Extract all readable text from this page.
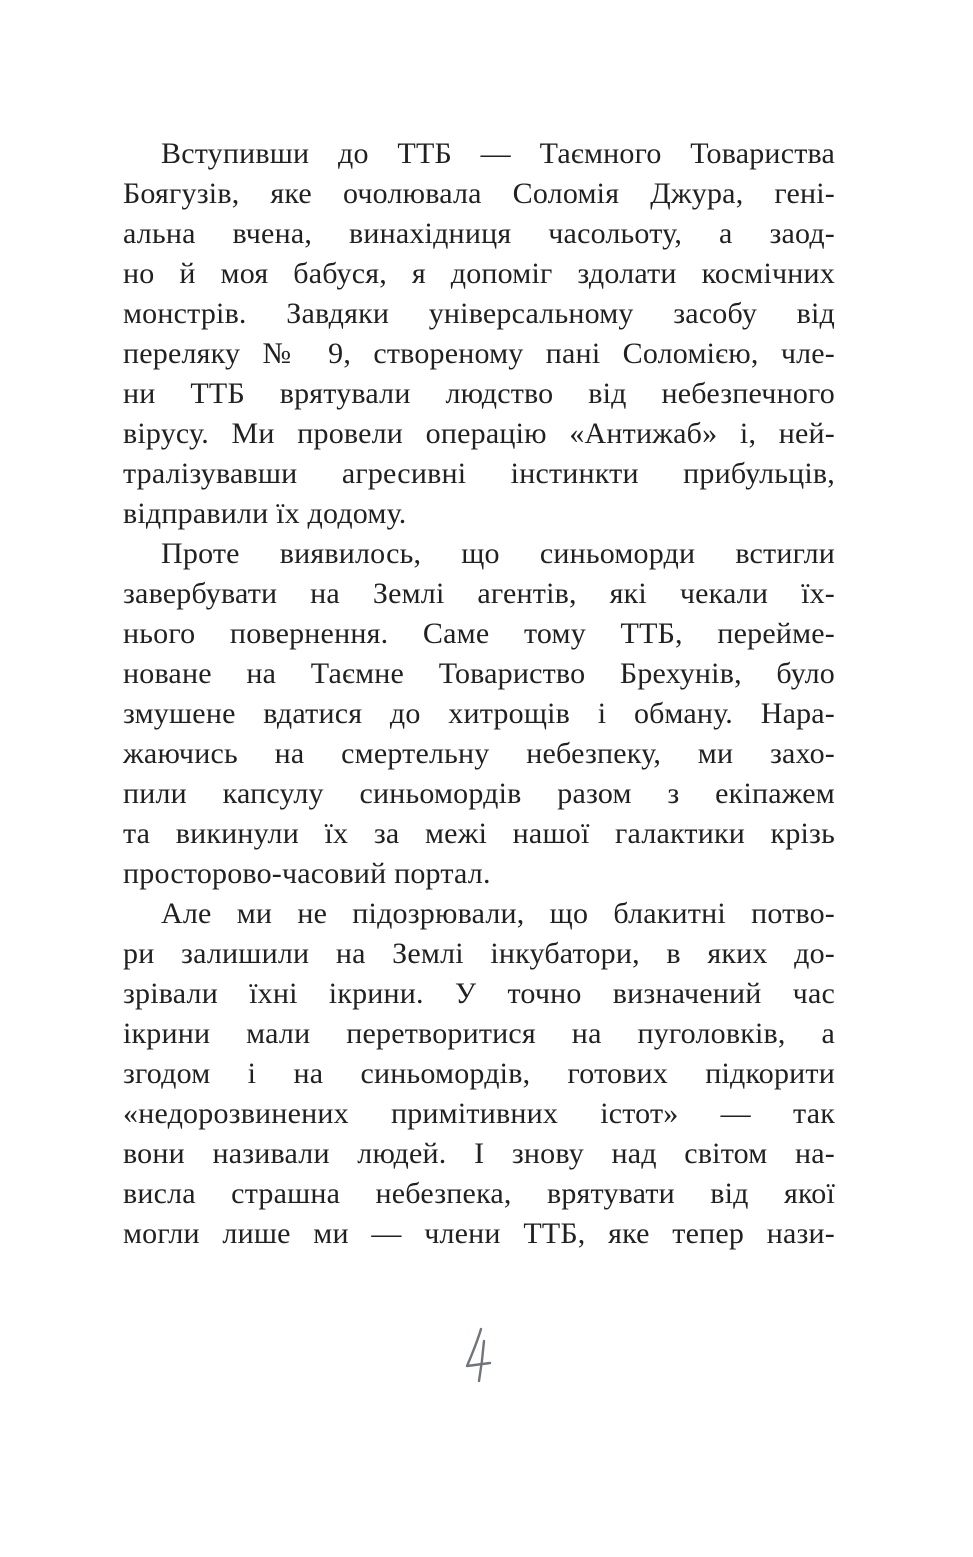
Вступивши до ТТБ — Таємного Товариства
Боягузів, яке очолювала Соломія Джура, гені-
альна вчена, винахідниця часольоту, а заод-
но й моя бабуся, я допоміг здолати космічних
монстрів. Завдяки універсальному засобу від
переляку № 9, створеному пані Соломією, чле-
ни ТТБ врятували людство від небезпечного
вірусу. Ми провели операцію «Антижаб» і, ней-
тралізувавши агресивні інстинкти прибульців,
відправили їх додому.
Проте виявилось, що синьоморди встигли
завербувати на Землі агентів, які чекали їх-
нього повернення. Саме тому ТТБ, перейме-
новане на Таємне Товариство Брехунів, було
змушене вдатися до хитрощів і обману. Нара-
жаючись на смертельну небезпеку, ми захо-
пили капсулу синьомордів разом з екіпажем
та викинули їх за межі нашої галактики крізь
просторово-часовий портал.
Але ми не підозрювали, що блакитні потво-
ри залишили на Землі інкубатори, в яких до-
зрівали їхні ікрини. У точно визначений час
ікрини мали перетворитися на пуголовків, а
згодом і на синьомордів, готових підкорити
«недорозвинених примітивних істот» — так
вони називали людей. І знову над світом на-
висла страшна небезпека, врятувати від якої
могли лише ми — члени ТТБ, яке тепер нази-
